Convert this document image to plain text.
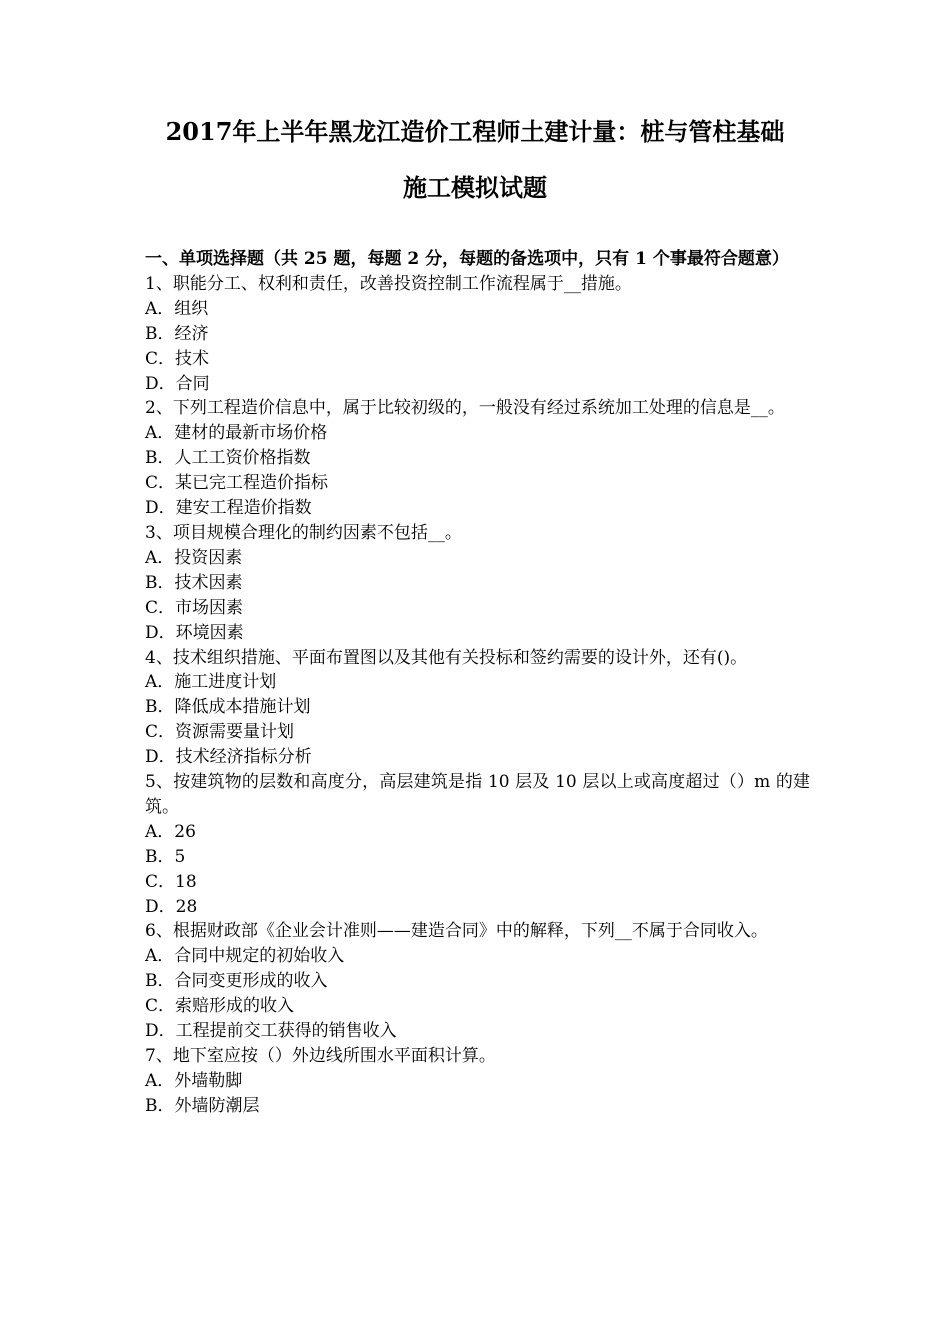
2017年上半年黑龙江造价工程师土建计量：桩与管柱基础
施工模拟试题
一、单项选择题（共 25 题，每题 2 分，每题的备选项中，只有 1 个事最符合题意）
1、职能分工、权利和责任，改善投资控制工作流程属于__措施。
A．组织
B．经济
C．技术
D．合同
2、下列工程造价信息中，属于比较初级的，一般没有经过系统加工处理的信息是__。
A．建材的最新市场价格
B．人工工资价格指数
C．某已完工程造价指标
D．建安工程造价指数
3、项目规模合理化的制约因素不包括__。
A．投资因素
B．技术因素
C．市场因素
D．环境因素
4、技术组织措施、平面布置图以及其他有关投标和签约需要的设计外，还有()。
A．施工进度计划
B．降低成本措施计划
C．资源需要量计划
D．技术经济指标分析
5、按建筑物的层数和高度分，高层建筑是指 10 层及 10 层以上或高度超过（）m 的建筑。
A．26
B．5
C．18
D．28
6、根据财政部《企业会计准则——建造合同》中的解释，下列__不属于合同收入。
A．合同中规定的初始收入
B．合同变更形成的收入
C．索赔形成的收入
D．工程提前交工获得的销售收入
7、地下室应按（）外边线所围水平面积计算。
A．外墙勒脚
B．外墙防潮层
